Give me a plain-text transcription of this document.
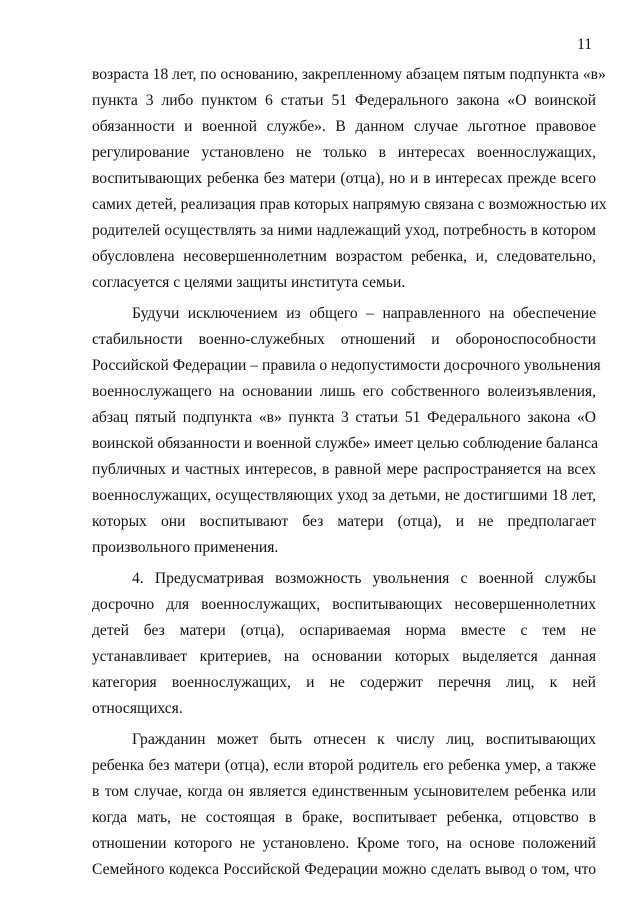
11
возраста 18 лет, по основанию, закрепленному абзацем пятым подпункта «в»
пункта 3 либо пунктом 6 статьи 51 Федерального закона «О воинской
обязанности и военной службе». В данном случае льготное правовое
регулирование установлено не только в интересах военнослужащих,
воспитывающих ребенка без матери (отца), но и в интересах прежде всего
самих детей, реализация прав которых напрямую связана с возможностью их
родителей осуществлять за ними надлежащий уход, потребность в котором
обусловлена несовершеннолетним возрастом ребенка, и, следовательно,
согласуется с целями защиты института семьи.
Будучи исключением из общего – направленного на обеспечение
стабильности военно-служебных отношений и обороноспособности
Российской Федерации – правила о недопустимости досрочного увольнения
военнослужащего на основании лишь его собственного волеизъявления,
абзац пятый подпункта «в» пункта 3 статьи 51 Федерального закона «О
воинской обязанности и военной службе» имеет целью соблюдение баланса
публичных и частных интересов, в равной мере распространяется на всех
военнослужащих, осуществляющих уход за детьми, не достигшими 18 лет,
которых они воспитывают без матери (отца), и не предполагает
произвольного применения.
4. Предусматривая возможность увольнения с военной службы
досрочно для военнослужащих, воспитывающих несовершеннолетних
детей без матери (отца), оспариваемая норма вместе с тем не
устанавливает критериев, на основании которых выделяется данная
категория военнослужащих, и не содержит перечня лиц, к ней
относящихся.
Гражданин может быть отнесен к числу лиц, воспитывающих
ребенка без матери (отца), если второй родитель его ребенка умер, а также
в том случае, когда он является единственным усыновителем ребенка или
когда мать, не состоящая в браке, воспитывает ребенка, отцовство в
отношении которого не установлено. Кроме того, на основе положений
Семейного кодекса Российской Федерации можно сделать вывод о том, что
